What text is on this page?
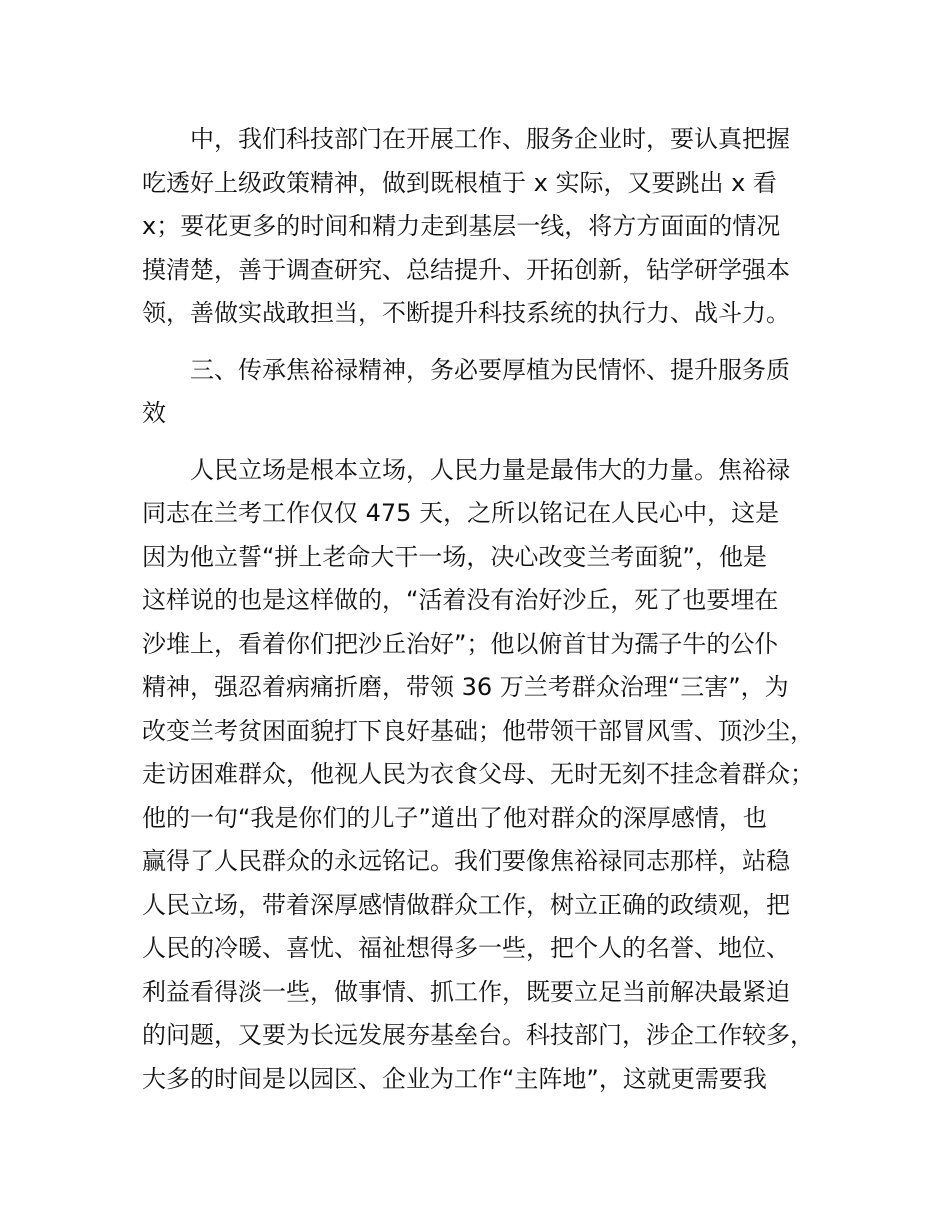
中，我们科技部门在开展工作、服务企业时，要认真把握
吃透好上级政策精神，做到既根植于 x 实际，又要跳出 x 看
x；要花更多的时间和精力走到基层一线，将方方面面的情况
摸清楚，善于调查研究、总结提升、开拓创新，钻学研学强本
领，善做实战敢担当，不断提升科技系统的执行力、战斗力。
三、传承焦裕禄精神，务必要厚植为民情怀、提升服务质
效
人民立场是根本立场，人民力量是最伟大的力量。焦裕禄
同志在兰考工作仅仅 475 天，之所以铭记在人民心中，这是
因为他立誓“拼上老命大干一场，决心改变兰考面貌”，他是
这样说的也是这样做的，“活着没有治好沙丘，死了也要埋在
沙堆上，看着你们把沙丘治好”；他以俯首甘为孺子牛的公仆
精神，强忍着病痛折磨，带领 36 万兰考群众治理“三害”，为
改变兰考贫困面貌打下良好基础；他带领干部冒风雪、顶沙尘，
走访困难群众，他视人民为衣食父母、无时无刻不挂念着群众；
他的一句“我是你们的儿子”道出了他对群众的深厚感情，也
赢得了人民群众的永远铭记。我们要像焦裕禄同志那样，站稳
人民立场，带着深厚感情做群众工作，树立正确的政绩观，把
人民的冷暖、喜忧、福祉想得多一些，把个人的名誉、地位、
利益看得淡一些，做事情、抓工作，既要立足当前解决最紧迫
的问题，又要为长远发展夯基垒台。科技部门，涉企工作较多，
大多的时间是以园区、企业为工作“主阵地”，这就更需要我
